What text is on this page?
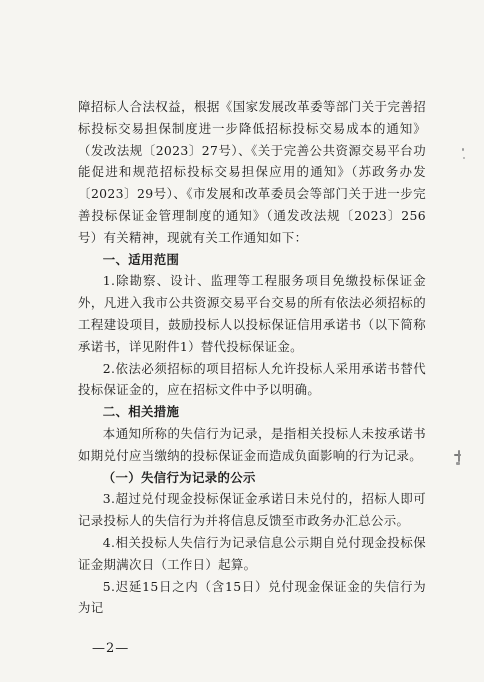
障招标人合法权益，根据《国家发展改革委等部门关于完善招标投标交易担保制度进一步降低招标投标交易成本的通知》（发改法规〔2023〕27号）、《关于完善公共资源交易平台功能促进和规范招标投标交易担保应用的通知》（苏政务办发〔2023〕29号）、《市发展和改革委员会等部门关于进一步完善投标保证金管理制度的通知》（通发改法规〔2023〕256号）有关精神，现就有关工作通知如下：

一、适用范围

1.除勘察、设计、监理等工程服务项目免缴投标保证金外，凡进入我市公共资源交易平台交易的所有依法必须招标的工程建设项目，鼓励投标人以投标保证信用承诺书（以下简称承诺书，详见附件1）替代投标保证金。

2.依法必须招标的项目招标人允许投标人采用承诺书替代投标保证金的，应在招标文件中予以明确。

二、相关措施

本通知所称的失信行为记录，是指相关投标人未按承诺书如期兑付应当缴纳的投标保证金而造成负面影响的行为记录。

（一）失信行为记录的公示

3.超过兑付现金投标保证金承诺日未兑付的，招标人即可记录投标人的失信行为并将信息反馈至市政务办汇总公示。

4.相关投标人失信行为记录信息公示期自兑付现金投标保证金期满次日（工作日）起算。

5.迟延15日之内（含15日）兑付现金保证金的失信行为为记

—2—
